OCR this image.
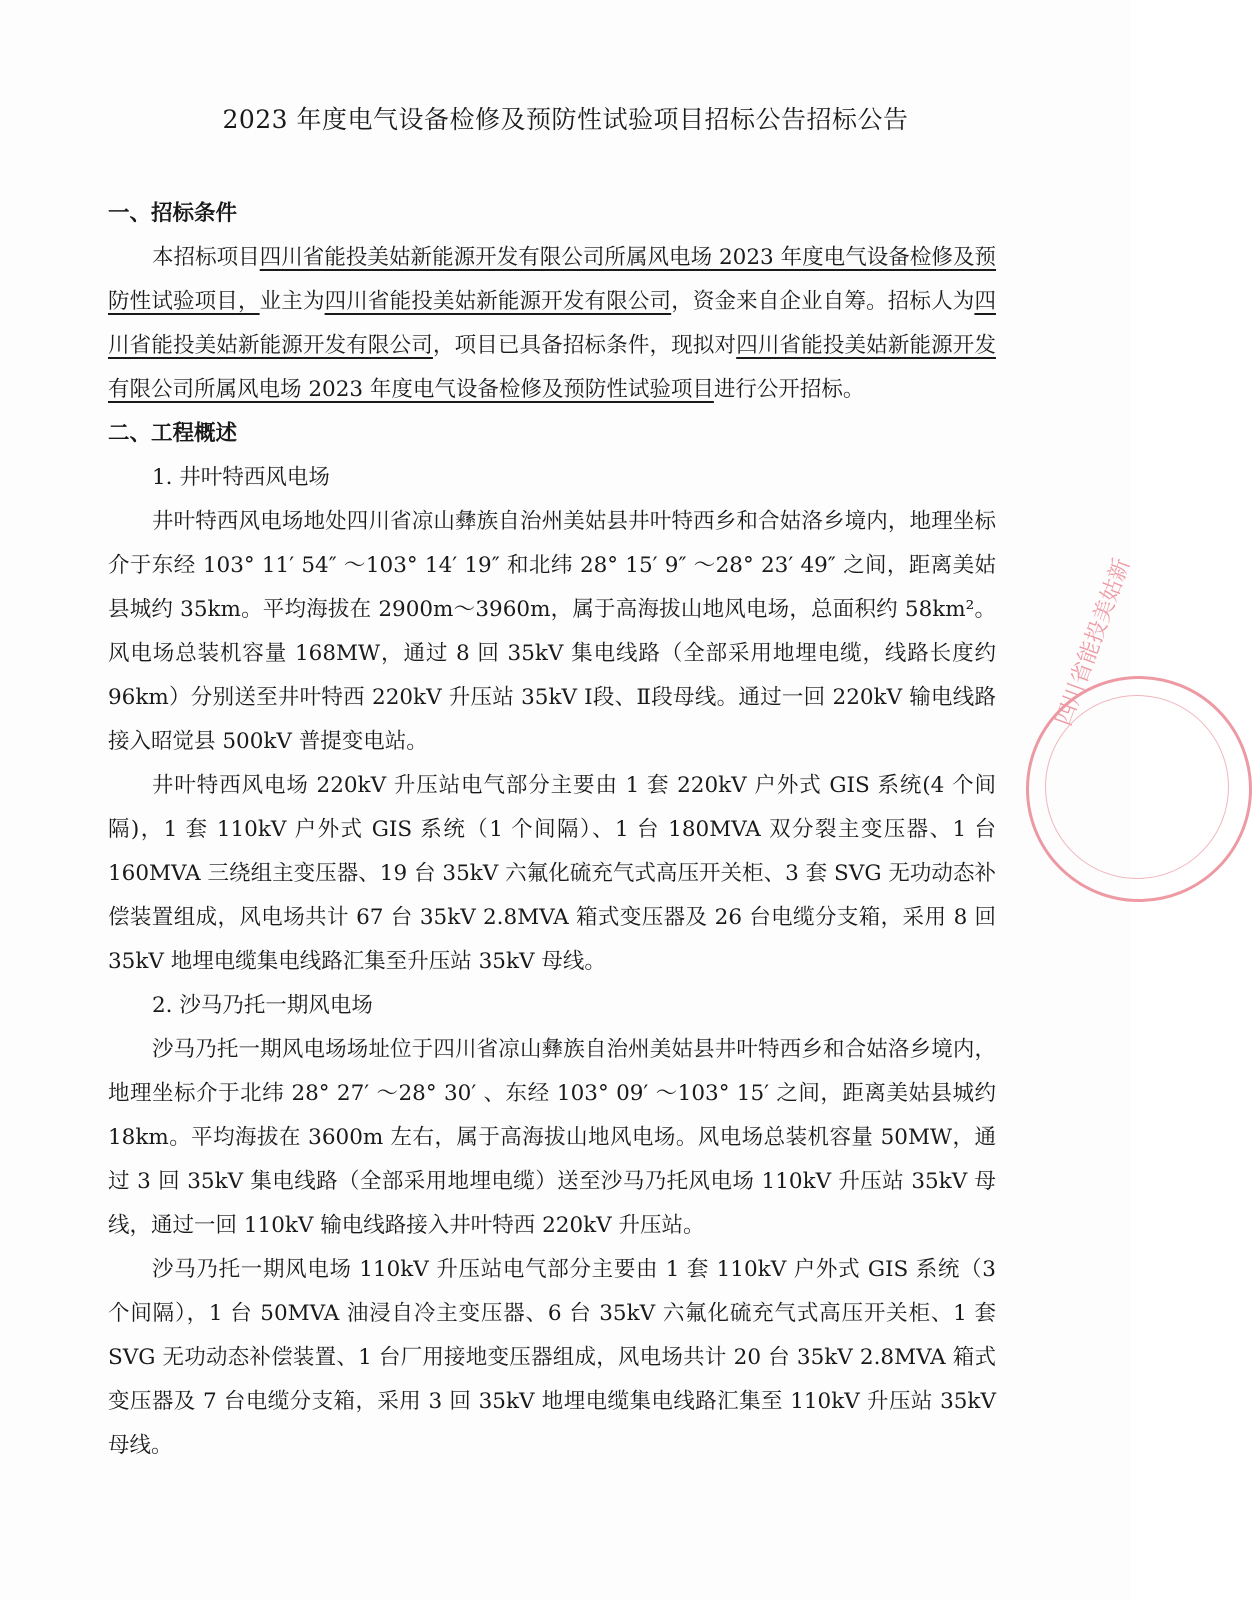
2023 年度电气设备检修及预防性试验项目招标公告招标公告

一、招标条件

本招标项目四川省能投美姑新能源开发有限公司所属风电场 2023 年度电气设备检修及预防性试验项目，业主为四川省能投美姑新能源开发有限公司，资金来自企业自筹。招标人为四川省能投美姑新能源开发有限公司，项目已具备招标条件，现拟对四川省能投美姑新能源开发有限公司所属风电场 2023 年度电气设备检修及预防性试验项目进行公开招标。

二、工程概述

1. 井叶特西风电场

井叶特西风电场地处四川省凉山彝族自治州美姑县井叶特西乡和合姑洛乡境内，地理坐标介于东经 103° 11′ 54″ ～103° 14′ 19″ 和北纬 28° 15′ 9″ ～28° 23′ 49″ 之间，距离美姑县城约 35km。平均海拔在 2900m～3960m，属于高海拔山地风电场，总面积约 58km²。风电场总装机容量 168MW，通过 8 回 35kV 集电线路（全部采用地埋电缆，线路长度约 96km）分别送至井叶特西 220kV 升压站 35kV Ⅰ段、Ⅱ段母线。通过一回 220kV 输电线路接入昭觉县 500kV 普提变电站。

井叶特西风电场 220kV 升压站电气部分主要由 1 套 220kV 户外式 GIS 系统(4 个间隔)，1 套 110kV 户外式 GIS 系统（1 个间隔）、1 台 180MVA 双分裂主变压器、1 台 160MVA 三绕组主变压器、19 台 35kV 六氟化硫充气式高压开关柜、3 套 SVG 无功动态补偿装置组成，风电场共计 67 台 35kV 2.8MVA 箱式变压器及 26 台电缆分支箱，采用 8 回 35kV 地埋电缆集电线路汇集至升压站 35kV 母线。

2. 沙马乃托一期风电场

沙马乃托一期风电场场址位于四川省凉山彝族自治州美姑县井叶特西乡和合姑洛乡境内，地理坐标介于北纬 28° 27′ ～28° 30′ 、东经 103° 09′ ～103° 15′ 之间，距离美姑县城约 18km。平均海拔在 3600m 左右，属于高海拔山地风电场。风电场总装机容量 50MW，通过 3 回 35kV 集电线路（全部采用地埋电缆）送至沙马乃托风电场 110kV 升压站 35kV 母线，通过一回 110kV 输电线路接入井叶特西 220kV 升压站。

沙马乃托一期风电场 110kV 升压站电气部分主要由 1 套 110kV 户外式 GIS 系统（3 个间隔），1 台 50MVA 油浸自冷主变压器、6 台 35kV 六氟化硫充气式高压开关柜、1 套 SVG 无功动态补偿装置、1 台厂用接地变压器组成，风电场共计 20 台 35kV 2.8MVA 箱式变压器及 7 台电缆分支箱，采用 3 回 35kV 地埋电缆集电线路汇集至 110kV 升压站 35kV 母线。

四川省能投美姑新
